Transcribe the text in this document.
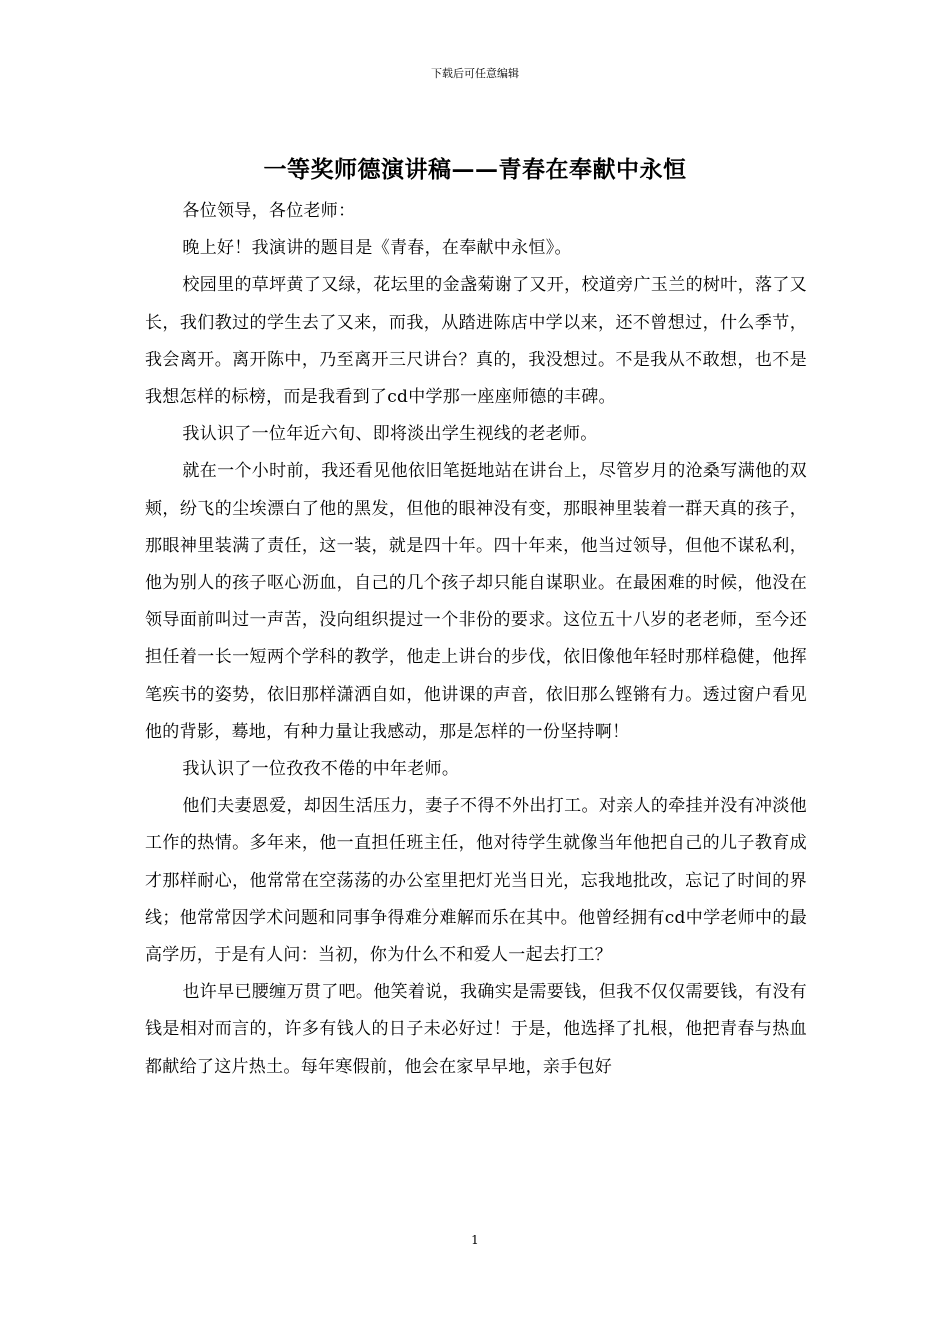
下载后可任意编辑
一等奖师德演讲稿——青春在奉献中永恒

各位领导，各位老师：

晚上好！我演讲的题目是《青春，在奉献中永恒》。

校园里的草坪黄了又绿，花坛里的金盏菊谢了又开，校道旁广玉兰的树叶，落了又长，我们教过的学生去了又来，而我，从踏进陈店中学以来，还不曾想过，什么季节，我会离开。离开陈中，乃至离开三尺讲台？真的，我没想过。不是我从不敢想，也不是我想怎样的标榜，而是我看到了cd中学那一座座师德的丰碑。

我认识了一位年近六旬、即将淡出学生视线的老老师。

就在一个小时前，我还看见他依旧笔挺地站在讲台上，尽管岁月的沧桑写满他的双颊，纷飞的尘埃漂白了他的黑发，但他的眼神没有变，那眼神里装着一群天真的孩子，那眼神里装满了责任，这一装，就是四十年。四十年来，他当过领导，但他不谋私利，他为别人的孩子呕心沥血，自己的几个孩子却只能自谋职业。在最困难的时候，他没在领导面前叫过一声苦，没向组织提过一个非份的要求。这位五十八岁的老老师，至今还担任着一长一短两个学科的教学，他走上讲台的步伐，依旧像他年轻时那样稳健，他挥笔疾书的姿势，依旧那样潇洒自如，他讲课的声音，依旧那么铿锵有力。透过窗户看见他的背影，蓦地，有种力量让我感动，那是怎样的一份坚持啊！

我认识了一位孜孜不倦的中年老师。

他们夫妻恩爱，却因生活压力，妻子不得不外出打工。对亲人的牵挂并没有冲淡他工作的热情。多年来，他一直担任班主任，他对待学生就像当年他把自己的儿子教育成才那样耐心，他常常在空荡荡的办公室里把灯光当日光，忘我地批改，忘记了时间的界线；他常常因学术问题和同事争得难分难解而乐在其中。他曾经拥有cd中学老师中的最高学历，于是有人问：当初，你为什么不和爱人一起去打工？

也许早已腰缠万贯了吧。他笑着说，我确实是需要钱，但我不仅仅需要钱，有没有钱是相对而言的，许多有钱人的日子未必好过！于是，他选择了扎根，他把青春与热血都献给了这片热土。每年寒假前，他会在家早早地，亲手包好

1
